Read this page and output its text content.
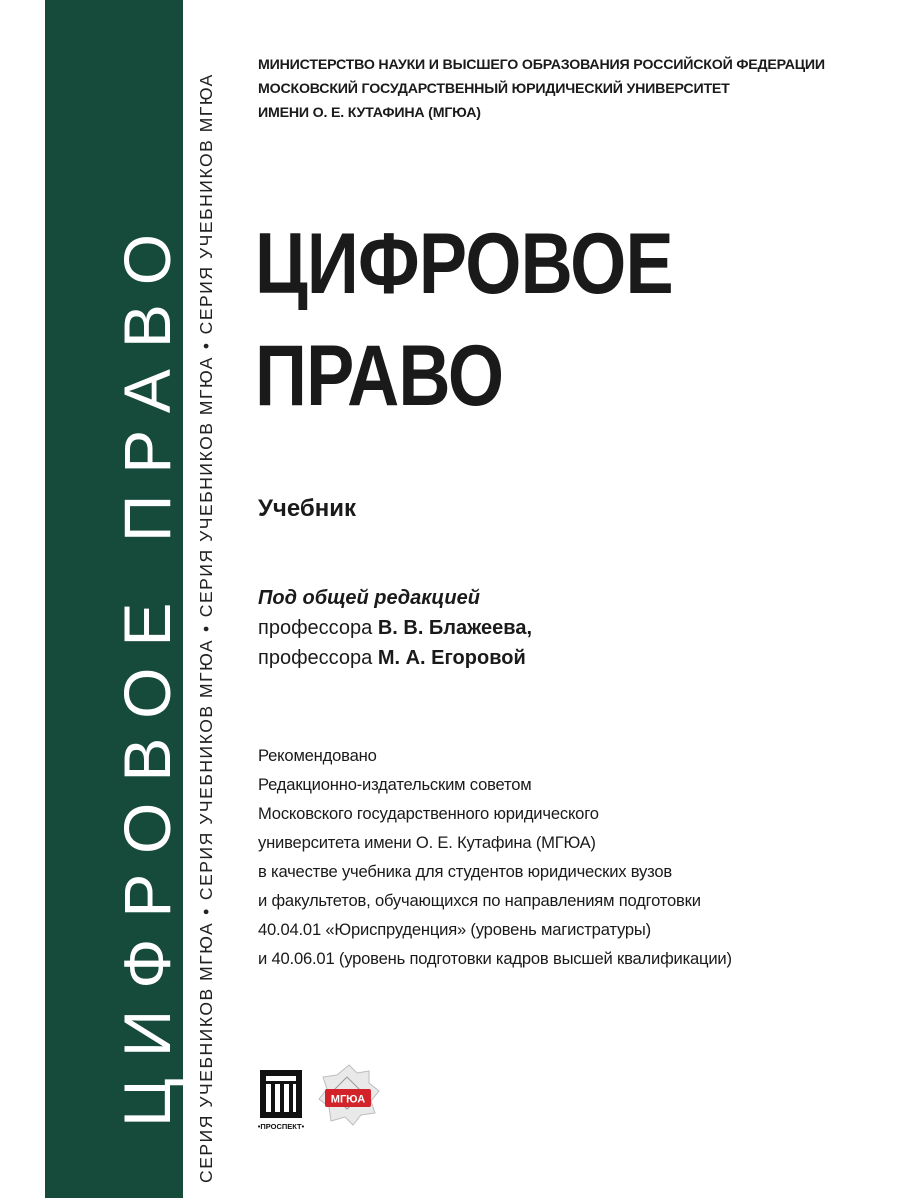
ЦИФРОВОЕ ПРАВО СЕРИЯ УЧЕБНИКОВ МГЮА•СЕРИЯ УЧЕБНИКОВ МГЮА•СЕРИЯ УЧЕБНИКОВ МГЮА•СЕРИЯ УЧЕБНИКОВ МГЮА
МИНИСТЕРСТВО НАУКИ И ВЫСШЕГО ОБРАЗОВАНИЯ РОССИЙСКОЙ ФЕДЕРАЦИИ
МОСКОВСКИЙ ГОСУДАРСТВЕННЫЙ ЮРИДИЧЕСКИЙ УНИВЕРСИТЕТ
ИМЕНИ О. Е. КУТАФИНА (МГЮА)
ЦИФРОВОЕ
ПРАВО
Учебник
Под общей редакцией
профессора В. В. Блажеева,
профессора М. А. Егоровой
Рекомендовано
Редакционно-издательским советом
Московского государственного юридического
университета имени О. Е. Кутафина (МГЮА)
в качестве учебника для студентов юридических вузов
и факультетов, обучающихся по направлениям подготовки
40.04.01 «Юриспруденция» (уровень магистратуры)
и 40.06.01 (уровень подготовки кадров высшей квалификации)
•ПРОСПЕКТ•
МГЮА
